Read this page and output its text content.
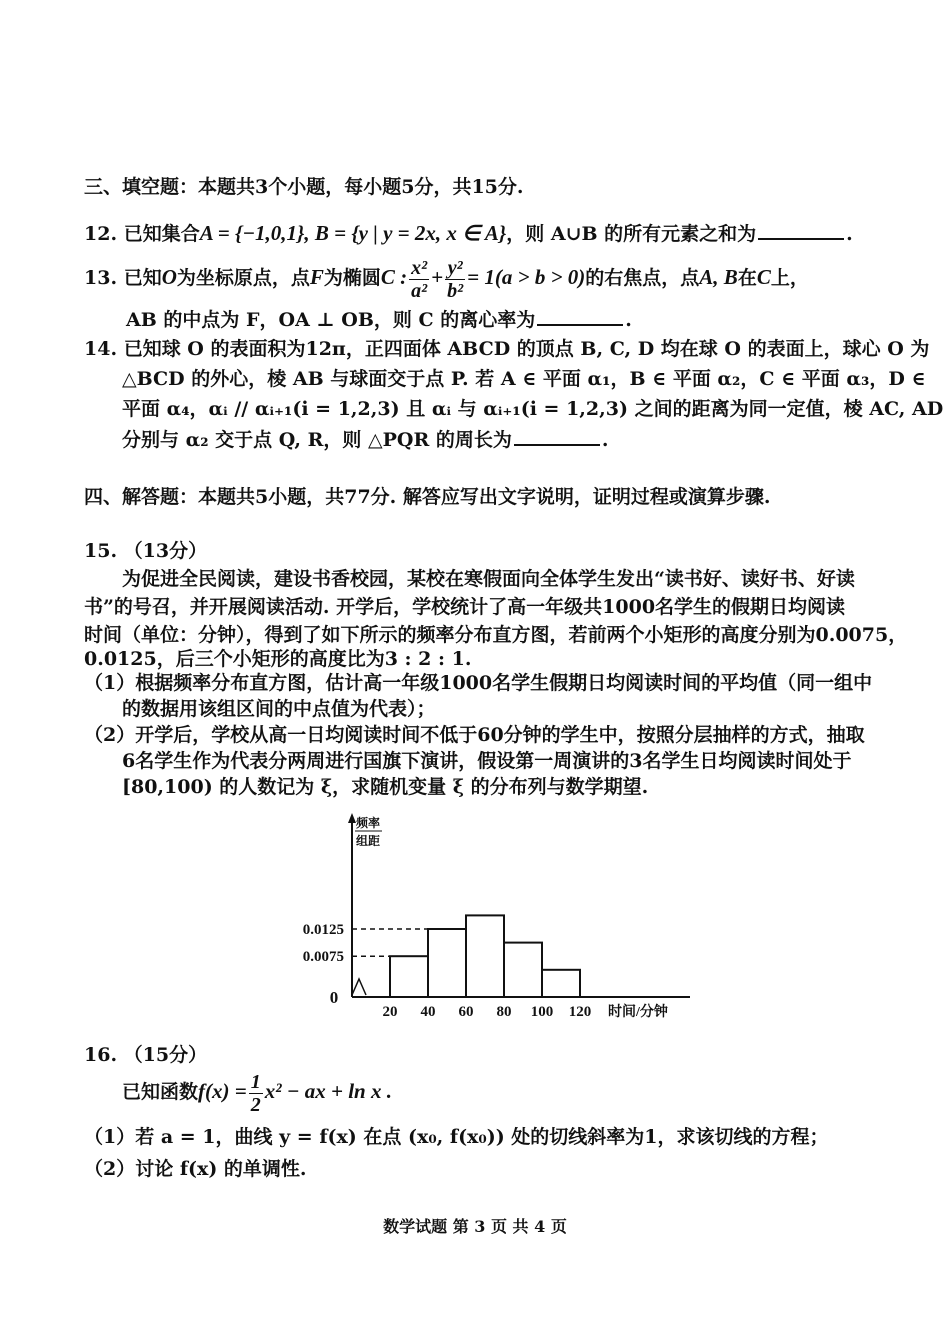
三、填空题：本题共3个小题，每小题5分，共15分.
12. 已知集合A = {−1,0,1}, B = {y | y = 2x, x ∈ A}，则 A∪B 的所有元素之和为	.
13. 已知O为坐标原点，点F为椭圆C : $\frac{\text{x²}}{\text{a²}} + \frac{\text{y²}}{\text{b²}} = 1(a > b > 0)$的右焦点，点A, B在C上，
AB 的中点为 F，OA ⊥ OB，则 C 的离心率为	.
14. 已知球 O 的表面积为12π，正四面体 ABCD 的顶点 B, C, D 均在球 O 的表面上，球心 O 为
△BCD 的外心，棱 AB 与球面交于点 P. 若 A ∈ 平面 α₁，B ∈ 平面 α₂，C ∈ 平面 α₃，D ∈
平面 α₄，αᵢ // αᵢ₊₁(i = 1,2,3) 且 αᵢ 与 αᵢ₊₁(i = 1,2,3) 之间的距离为同一定值，棱 AC, AD
分别与 α₂ 交于点 Q, R，则 △PQR 的周长为	.
四、解答题：本题共5小题，共77分. 解答应写出文字说明，证明过程或演算步骤.
15. （13分）
为促进全民阅读，建设书香校园，某校在寒假面向全体学生发出“读书好、读好书、好读
书”的号召，并开展阅读活动. 开学后，学校统计了高一年级共1000名学生的假期日均阅读
时间（单位：分钟），得到了如下所示的频率分布直方图，若前两个小矩形的高度分别为0.0075，
0.0125，后三个小矩形的高度比为3 : 2 : 1.
（1）根据频率分布直方图，估计高一年级1000名学生假期日均阅读时间的平均值（同一组中
的数据用该组区间的中点值为代表）；
（2）开学后，学校从高一日均阅读时间不低于60分钟的学生中，按照分层抽样的方式，抽取
6名学生作为代表分两周进行国旗下演讲，假设第一周演讲的3名学生日均阅读时间处于
[80,100) 的人数记为 ξ，求随机变量 ξ 的分布列与数学期望.
0.0125
0.0075
频率
组距
0
20 40 60 80 100 120 时间/分钟
16. （15分）
已知函数$f(x) = \frac{1}{2} x^2$ − ax + ln x .
（1）若 a = 1，曲线 y = f(x) 在点 (x₀, f(x₀)) 处的切线斜率为1，求该切线的方程；
（2）讨论 f(x) 的单调性.
数学试题 第 3 页 共 4 页
